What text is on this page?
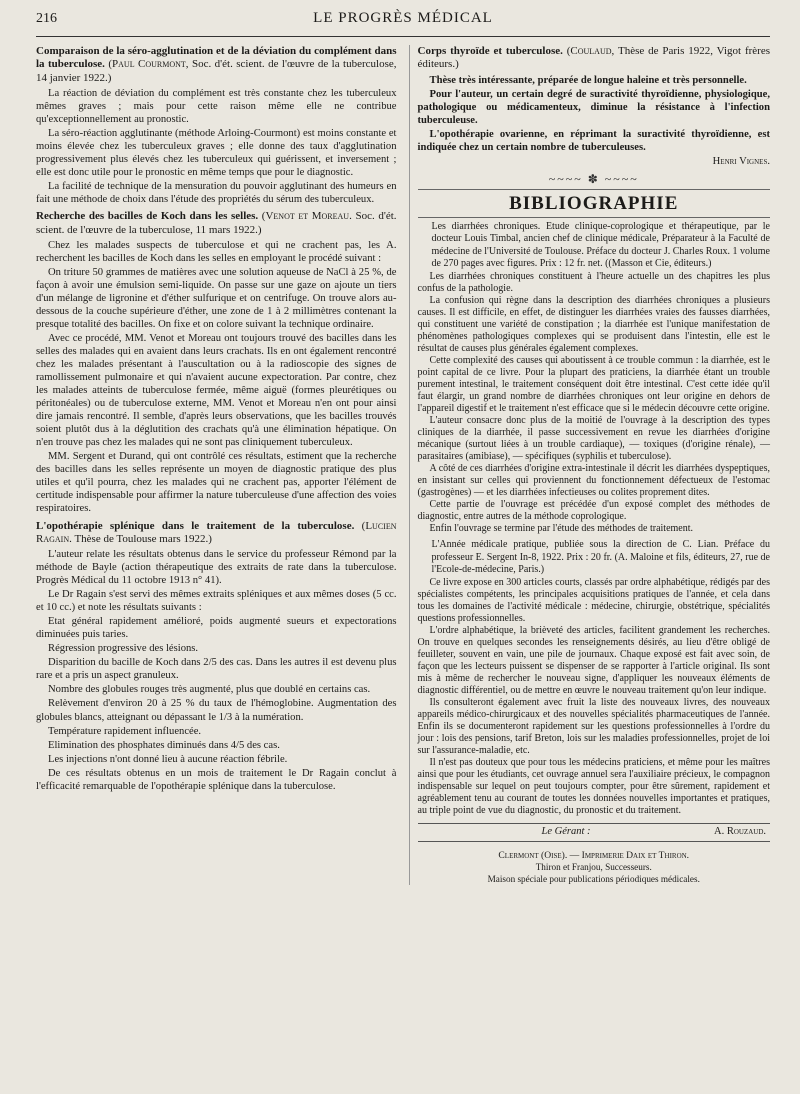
216	LE PROGRÈS MÉDICAL
Comparaison de la séro-agglutination et de la déviation du complément dans la tuberculose. (Paul Courmont, Soc. d'ét. scient. de l'œuvre de la tuberculose, 14 janvier 1922.)

La réaction de déviation du complément est très constante chez les tuberculeux mêmes graves ; mais pour cette raison même elle ne contribue qu'exceptionnellement au pronostic.

La séro-réaction agglutinante (méthode Arloing-Courmont) est moins constante et moins élevée chez les tuberculeux graves ; elle donne des taux d'agglutination progressivement plus élevés chez les tuberculeux qui guérissent, et inversement ; elle est donc utile pour le pronostic en même temps que pour le diagnostic.

La facilité de technique de la mensuration du pouvoir agglutinant des humeurs en fait une méthode de choix dans l'étude des propriétés du sérum des tuberculeux.

Recherche des bacilles de Koch dans les selles. (Venot et Moreau. Soc. d'ét. scient. de l'œuvre de la tuberculose, 11 mars 1922.)

Chez les malades suspects de tuberculose et qui ne crachent pas, les A. recherchent les bacilles de Koch dans les selles en employant le procédé suivant :

On triture 50 grammes de matières avec une solution aqueuse de NaCl à 25 %, de façon à avoir une émulsion semi-liquide. On passe sur une gaze on ajoute un tiers d'un mélange de ligronine et d'éther sulfurique et on centrifuge. On trouve alors au-dessous de la couche supérieure d'éther, une zone de 1 à 2 millimètres contenant la presque totalité des bacilles. On fixe et on colore suivant la technique ordinaire.

Avec ce procédé, MM. Venot et Moreau ont toujours trouvé des bacilles dans les selles des malades qui en avaient dans leurs crachats. Ils en ont également rencontré chez les malades présentant à l'auscultation ou à la radioscopie des signes de ramollissement pulmonaire et qui n'avaient aucune expectoration. Par contre, chez les malades atteints de tuberculose fermée, même aiguë (formes pleurétiques ou péritonéales) ou de tuberculose externe, MM. Venot et Moreau n'en ont pour ainsi dire jamais rencontré. Il semble, d'après leurs observations, que les bacilles trouvés soient plutôt dus à la déglutition des crachats qu'à une élimination hépatique. On n'en trouve pas chez les malades qui ne sont pas cliniquement tuberculeux.

MM. Sergent et Durand, qui ont contrôlé ces résultats, estiment que la recherche des bacilles dans les selles représente un moyen de diagnostic pratique des plus utiles et qu'il pourra, chez les malades qui ne crachent pas, apporter l'élément de certitude indispensable pour affirmer la nature tuberculeuse d'une affection des voies respiratoires.

L'opothérapie splénique dans le traitement de la tuberculose. (Lucien Ragain. Thèse de Toulouse mars 1922.)

L'auteur relate les résultats obtenus dans le service du professeur Rémond par la méthode de Bayle (action thérapeutique des extraits de rate dans la tuberculose. Progrès Médical du 11 octobre 1913 n° 41).

Le Dr Ragain s'est servi des mêmes extraits spléniques et aux mêmes doses (5 cc. et 10 cc.) et note les résultats suivants :

Etat général rapidement amélioré, poids augmenté sueurs et expectorations diminuées puis taries.

Régression progressive des lésions.

Disparition du bacille de Koch dans 2/5 des cas. Dans les autres il est devenu plus rare et a pris un aspect granuleux.

Nombre des globules rouges très augmenté, plus que doublé en certains cas.

Relèvement d'environ 20 à 25 % du taux de l'hémoglobine. Augmentation des globules blancs, atteignant ou dépassant le 1/3 à la numération.

Température rapidement influencée.

Elimination des phosphates diminués dans 4/5 des cas.

Les injections n'ont donné lieu à aucune réaction fébrile.

De ces résultats obtenus en un mois de traitement le Dr Ragain conclut à l'efficacité remarquable de l'opothérapie splénique dans la tuberculose.

Corps thyroïde et tuberculose. (Coulaud, Thèse de Paris 1922, Vigot frères éditeurs.)

Thèse très intéressante, préparée de longue haleine et très personnelle.

Pour l'auteur, un certain degré de suractivité thyroïdienne, physiologique, pathologique ou médicamenteux, diminue la résistance à l'infection tuberculeuse.

L'opothérapie ovarienne, en réprimant la suractivité thyroïdienne, est indiquée chez un certain nombre de tuberculeuses.

Henri Vignes.
~~~~ ✽ ~~~~
BIBLIOGRAPHIE

Les diarrhées chroniques. Etude clinique-coprologique et thérapeutique, par le docteur Louis Timbal, ancien chef de clinique médicale, Préparateur à la Faculté de médecine de l'Université de Toulouse. Préface du docteur J. Charles Roux. 1 volume de 270 pages avec figures. Prix : 12 fr. net. ((Masson et Cie, éditeurs.)

Les diarrhées chroniques constituent à l'heure actuelle un des chapitres les plus confus de la pathologie.

La confusion qui règne dans la description des diarrhées chroniques a plusieurs causes. Il est difficile, en effet, de distinguer les diarrhées vraies des fausses diarrhées, qui constituent une variété de constipation ; la diarrhée est l'unique manifestation de phénomènes pathologiques complexes qui se produisent dans l'intestin, elle est le résultat de causes plus générales également complexes.

Cette complexité des causes qui aboutissent à ce trouble commun : la diarrhée, est le point capital de ce livre. Pour la plupart des praticiens, la diarrhée étant un trouble purement intestinal, le traitement conséquent doit être intestinal. C'est cette idée qu'il faut élargir, un grand nombre de diarrhées chroniques ont leur origine en dehors de l'appareil digestif et le traitement n'est efficace que si le médecin découvre cette origine.

L'auteur consacre donc plus de la moitié de l'ouvrage à la description des types cliniques de la diarrhée, il passe successivement en revue les diarrhées d'origine mécanique (surtout liées à un trouble cardiaque), — toxiques (d'origine rénale), — parasitaires (amibiase), — spécifiques (syphilis et tuberculose).

A côté de ces diarrhées d'origine extra-intestinale il décrit les diarrhées dyspeptiques, en insistant sur celles qui proviennent du fonctionnement défectueux de l'estomac (gastrogènes) — et les diarrhées infectieuses ou colites proprement dites.

Cette partie de l'ouvrage est précédée d'un exposé complet des méthodes de diagnostic, entre autres de la méthode coprologique.

Enfin l'ouvrage se termine par l'étude des méthodes de traitement.

L'Année médicale pratique, publiée sous la direction de C. Lian. Préface du professeur E. Sergent In-8, 1922. Prix : 20 fr. (A. Maloine et fils, éditeurs, 27, rue de l'Ecole-de-médecine, Paris.)

Ce livre expose en 300 articles courts, classés par ordre alphabétique, rédigés par des spécialistes compétents, les principales acquisitions pratiques de l'année, et cela dans tous les domaines de l'activité médicale : médecine, chirurgie, obstétrique, spécialités questions professionnelles.

L'ordre alphabétique, la brièveté des articles, facilitent grandement les recherches. On trouve en quelques secondes les renseignements désirés, au lieu d'être obligé de feuilleter, souvent en vain, une pile de journaux. Chaque exposé est fait avec soin, de façon que les lecteurs puissent se dispenser de se rapporter à l'article original. Ils sont mis à même de rechercher le nouveau signe, d'appliquer les nouveaux éléments de diagnostic différentiel, ou de mettre en œuvre le nouveau traitement qu'on leur indique.

Ils consulteront également avec fruit la liste des nouveaux livres, des nouveaux appareils médico-chirurgicaux et des nouvelles spécialités pharmaceutiques de l'année. Enfin ils se documenteront rapidement sur les questions professionnelles à l'ordre du jour : lois des pensions, tarif Breton, lois sur les maladies professionnelles, projet de loi sur l'assurance-maladie, etc.

Il n'est pas douteux que pour tous les médecins praticiens, et même pour les maîtres ainsi que pour les étudiants, cet ouvrage annuel sera l'auxiliaire précieux, le compagnon indispensable sur lequel on peut toujours compter, pour être sûrement, rapidement et agréablement tenu au courant de toutes les données nouvelles importantes et pratiques, au triple point de vue du diagnostic, du pronostic et du traitement.

Le Gérant :	A. Rouzaud.
Clermont (Oise). — Imprimerie Daix et Thiron.
Thiron et Franjou, Successeurs.
Maison spéciale pour publications périodiques médicales.
